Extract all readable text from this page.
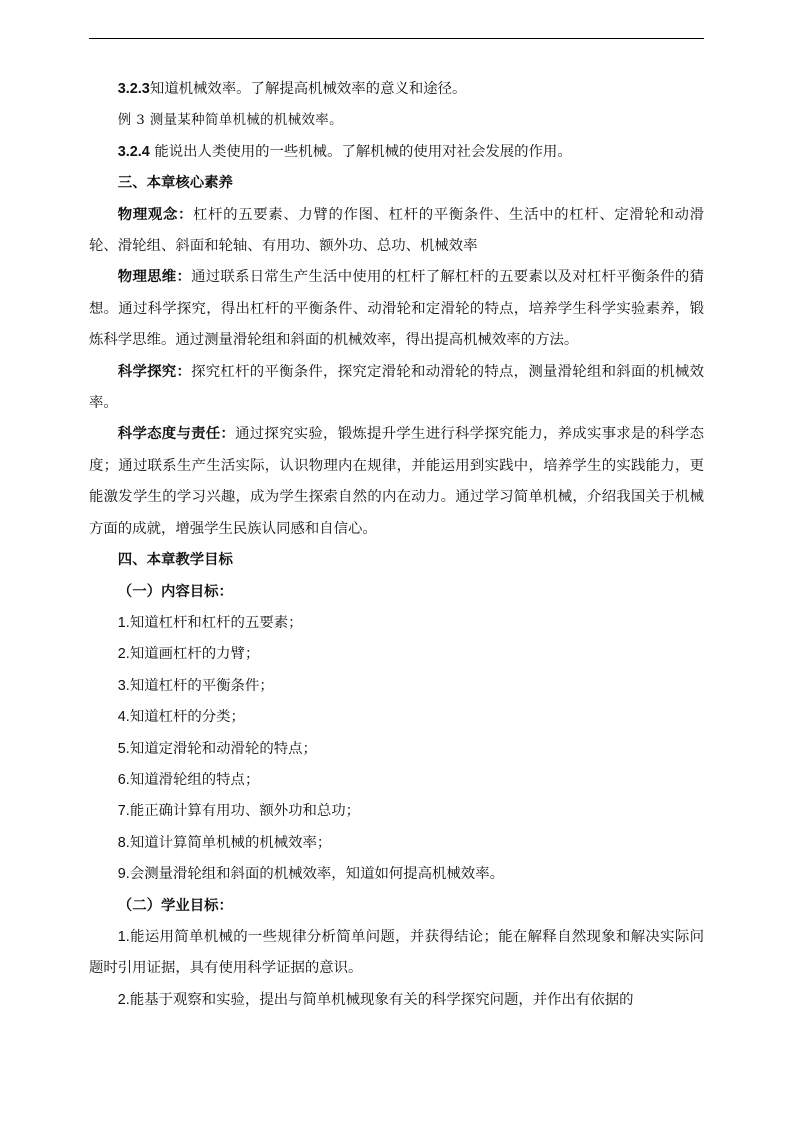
3.2.3知道机械效率。了解提高机械效率的意义和途径。

例 3 测量某种简单机械的机械效率。

3.2.4 能说出人类使用的一些机械。了解机械的使用对社会发展的作用。

三、本章核心素养

物理观念：杠杆的五要素、力臂的作图、杠杆的平衡条件、生活中的杠杆、定滑轮和动滑轮、滑轮组、斜面和轮轴、有用功、额外功、总功、机械效率

物理思维：通过联系日常生产生活中使用的杠杆了解杠杆的五要素以及对杠杆平衡条件的猜想。通过科学探究，得出杠杆的平衡条件、动滑轮和定滑轮的特点，培养学生科学实验素养，锻炼科学思维。通过测量滑轮组和斜面的机械效率，得出提高机械效率的方法。

科学探究：探究杠杆的平衡条件，探究定滑轮和动滑轮的特点，测量滑轮组和斜面的机械效率。

科学态度与责任：通过探究实验，锻炼提升学生进行科学探究能力，养成实事求是的科学态度；通过联系生产生活实际，认识物理内在规律，并能运用到实践中，培养学生的实践能力，更能激发学生的学习兴趣，成为学生探索自然的内在动力。通过学习简单机械，介绍我国关于机械方面的成就，增强学生民族认同感和自信心。

四、本章教学目标

（一）内容目标：

1.知道杠杆和杠杆的五要素；

2.知道画杠杆的力臂；

3.知道杠杆的平衡条件；

4.知道杠杆的分类；

5.知道定滑轮和动滑轮的特点；

6.知道滑轮组的特点；

7.能正确计算有用功、额外功和总功；

8.知道计算简单机械的机械效率；

9.会测量滑轮组和斜面的机械效率，知道如何提高机械效率。

（二）学业目标：

1.能运用简单机械的一些规律分析简单问题，并获得结论；能在解释自然现象和解决实际问题时引用证据，具有使用科学证据的意识。

2.能基于观察和实验，提出与简单机械现象有关的科学探究问题，并作出有依据的
